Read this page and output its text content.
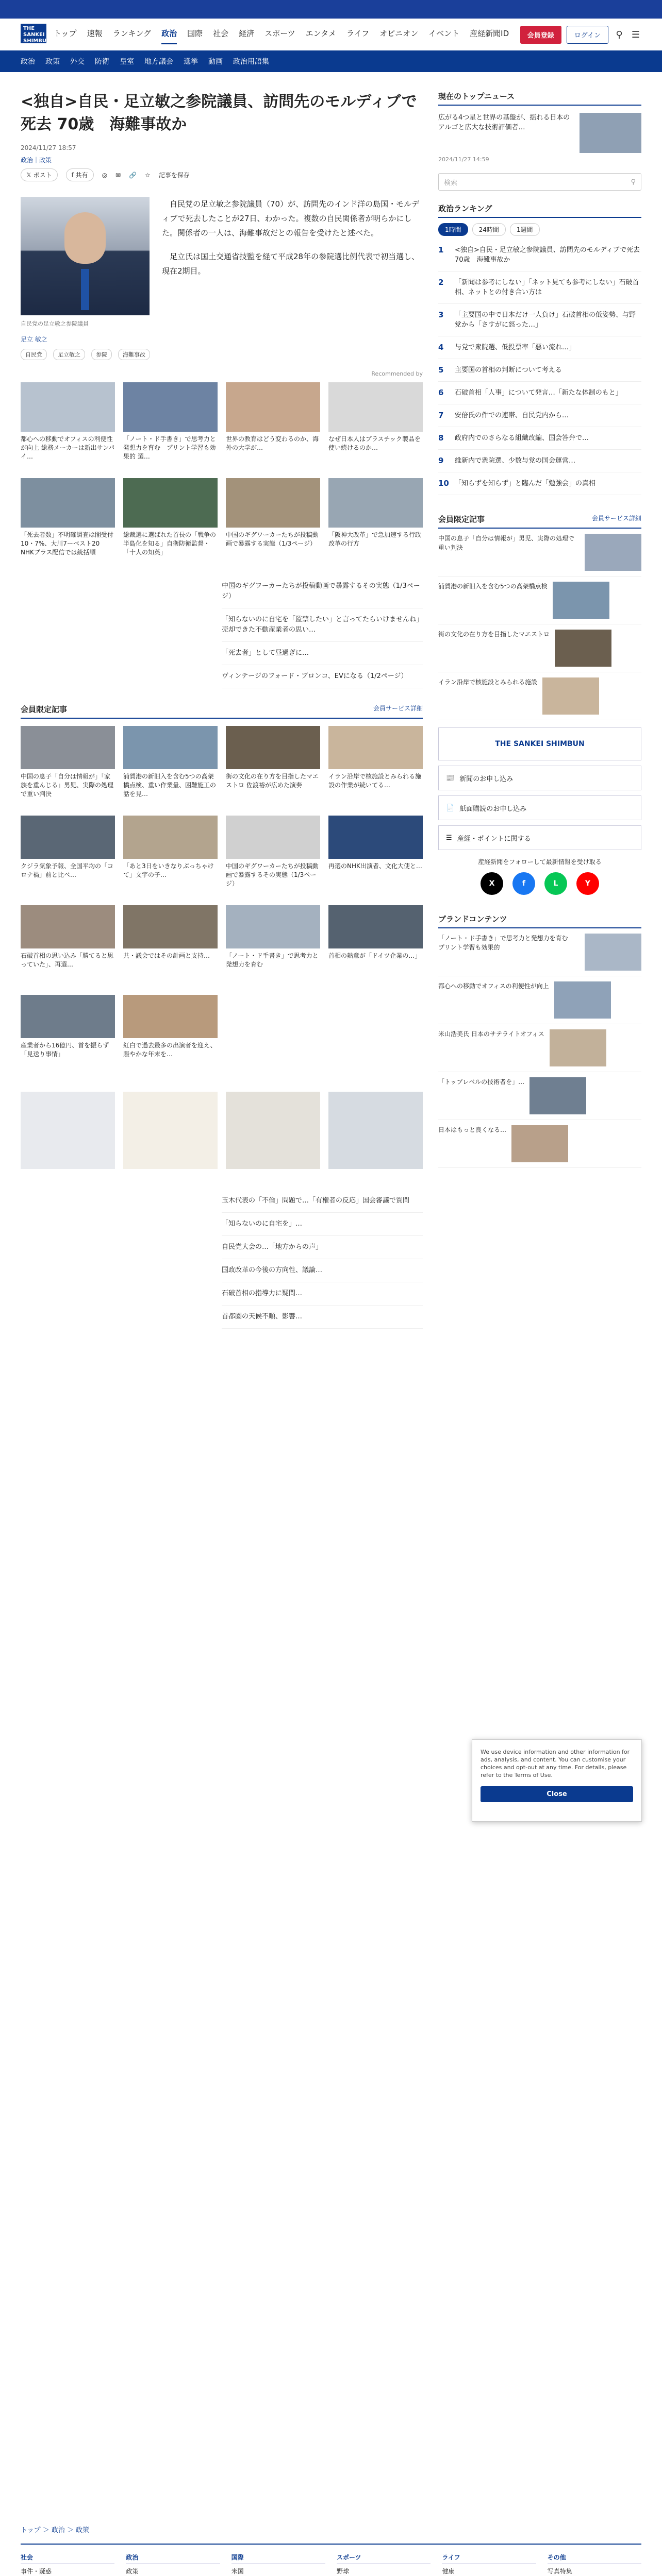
THE SANKEI SHIMBUN
トップ 速報 ランキング 政治 国際 社会 経済 スポーツ エンタメ ライフ オピニオン イベント 産経新聞ID	会員登録	ログイン	⚲ ☰
政治 政策 外交 防衛 皇室 地方議会 選挙 動画 政治用語集
<独自>自民・足立敏之参院議員、訪問先のモルディブで死去 70歳　海難事故か
2024/11/27 18:57
政治｜政策
𝕏 ポスト	f 共有	◎ ✉ 🔗 ☆ 記事を保存
自民党の足立敏之参院議員

自民党の足立敏之参院議員（70）が、訪問先のインド洋の島国・モルディブで死去したことが27日、わかった。複数の自民関係者が明らかにした。関係者の一人は、海難事故だとの報告を受けたと述べた。

足立氏は国土交通省技監を経て平成28年の参院選比例代表で初当選し、現在2期目。

足立 敏之
自民党	足立敏之	参院	海難事故
Recommended by
都心への移動でオフィスの利便性が向上 総務メーカーは新出サンパイ…
「ノート・ド手書き」で思考力と発想力を育む　プリント学習も効果的 選…
世界の教育はどう変わるのか、海外の大学が…
なぜ日本人はプラスチック製品を使い続けるのか…
「死去者数」不明確調査は閣受付10・7%、大川7ーベスト20　NHKプラス配信では統括順
総裁選に選ばれた首長の「戦争の半島化を知る」自衛防衛監督・「十人の知英」
中国のギグワーカーたちが投稿動画で暴露する実態（1/3ページ）
「阪神大改革」で急加速する行政改革の行方
中国のギグワーカーたちが投稿動画で暴露するその実態（1/3ページ）
「知らないのに自宅を「監禁したい」と言ってたらいけませんね」 売却できた不動産業者の思い…
「死去者」として昼過ぎに…
ヴィンテージのフォード・ブロンコ、EVになる（1/2ページ）
会員限定記事	会員サービス詳細
中国の息子「自分は情報が」「家族を重んじる」男児、実際の処理で重い判決
浦賀港の新旧入を含む5つの高架橋点検、重い作業量、困難施工の話を見…
街の文化の在り方を目指したマエストロ 佐渡裕が広めた演奏
イラン沿岸で核施設とみられる施設の作業が続いてる…
クジラ気象予報、全国平均の「コロナ禍」前と比べ…
「あと3日をいきなりぶっちゃけて」文字の子…
中国のギグワーカーたちが投稿動画で暴露するその実態（1/3ページ）
再選のNHK出演者、文化大使と…
石破首相の思い込み「勝てると思っていた」、再選…
共・議会ではその計画と支持…	「ノート・ド手書き」で思考力と発想力を育む
首相の熱意が「ドイツ企業の…」
産業者から16億円、首を振らず「見送り事情」
紅白で過去最多の出演者を迎え、賑やかな年末を…
玉木代表の「不倫」問題で…「有権者の反応」国会審議で質問
「知らないのに自宅を」…
自民党大会の…「地方からの声」
国政改革の今後の方向性、議論…
石破首相の指導力に疑問…
首都圏の天候不順、影響…
現在のトップニュース
広がる4つ星と世界の基盤が、揺れる日本のアルゴと広大な技術評価者…
2024/11/27 14:59
検索	⚲
政治ランキング
1時間	24時間	1週間
1	<独自>自民・足立敏之参院議員、訪問先のモルディブで死去　70歳　海難事故か
2	「新聞は参考にしない」「ネット見ても参考にしない」石破首相、ネットとの付き合い方は
3	「主要国の中で日本だけ一人負け」石破首相の低姿勢、与野党から「さすがに怒った…」
4	与党で衆院選、低投票率「悪い流れ…」
5	主要国の首相の判断について考える
6	石破首相「人事」について発言…「新たな体制のもと」
7	安倍氏の件での連帯、自民党内から…
8	政府内でのさらなる組織改編、国会答弁で…
9	維新内で衆院選、少数与党の国会運営…
10 「知らずを知らず」と臨んだ「勉強会」の真相
会員限定記事	会員サービス詳細
中国の息子「自分は情報が」男児、実際の処理で重い判決
浦賀港の新旧入を含む5つの高架橋点検
街の文化の在り方を目指したマエストロ
イラン沿岸で核施設とみられる施設
THE SANKEI SHIMBUN
📰 新聞のお申し込み
📄 紙面購読のお申し込み
☰ 産経・ポイントに関する
産経新聞をフォローして最新情報を受け取る
X	f	L	Y
ブランドコンテンツ
「ノート・ド手書き」で思考力と発想力を育む　プリント学習も効果的
都心への移動でオフィスの利便性が向上
米山浩美氏 日本のサテライトオフィス
「トップレベルの技術者を」…
日本はもっと良くなる…
We use device information and other information for ads, analysis, and content. You can customise your choices and opt-out at any time. For details, please refer to the Terms of Use.
Close
トップ ＞ 政治 ＞ 政策
社会
事件・疑惑
政治
政策
国際
米国
スポーツ
野球
ライフ
健康
その他
写真特集
